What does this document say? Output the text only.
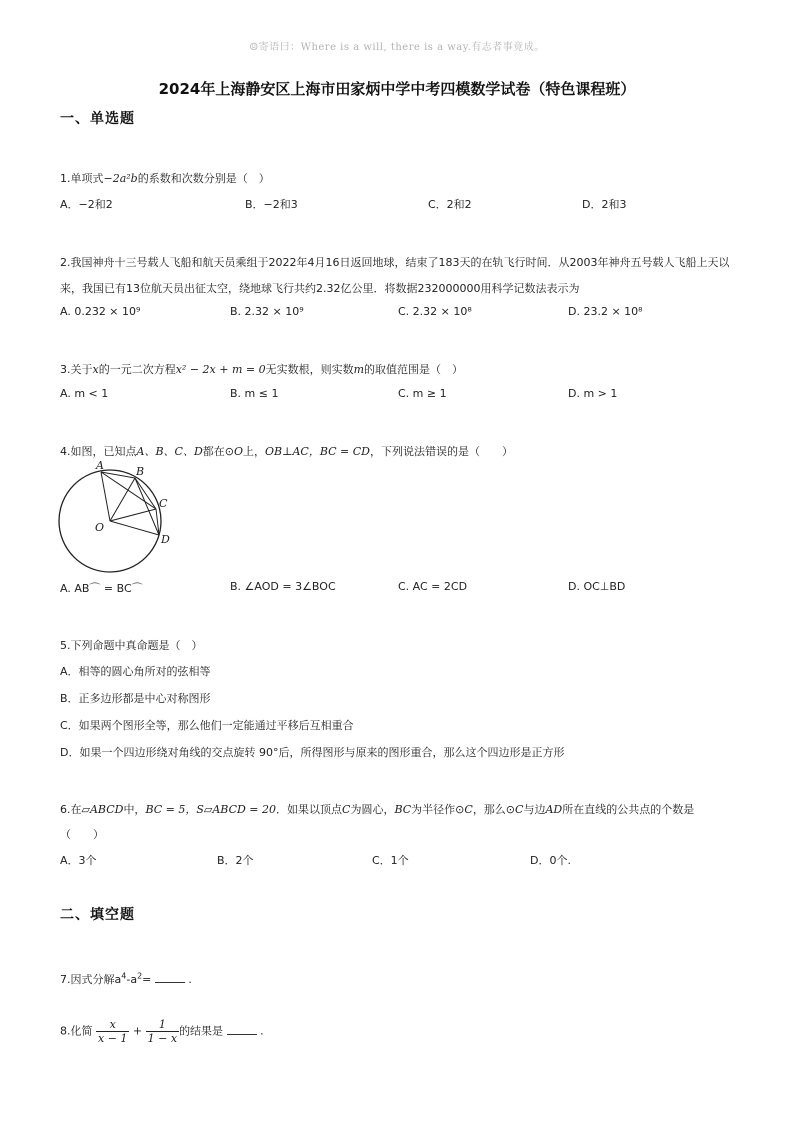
☺寄语曰：Where is a will, there is a way.有志者事竟成。
2024年上海静安区上海市田家炳中学中考四模数学试卷（特色课程班）
一、单选题
1.单项式−2a²b的系数和次数分别是（　）
A．−2和2	B．−2和3	C．2和2	D．2和3
2.我国神舟十三号载人飞船和航天员乘组于2022年4月16日返回地球，结束了183天的在轨飞行时间．从2003年神舟五号载人飞船上天以
来，我国已有13位航天员出征太空，绕地球飞行共约2.32亿公里．将数据232000000用科学记数法表示为
A. 0.232 × 10⁹	B. 2.32 × 10⁹	C. 2.32 × 10⁸	D. 23.2 × 10⁸
3.关于x的一元二次方程x² − 2x + m = 0无实数根，则实数m的取值范围是（　）
A. m < 1	B. m ≤ 1	C. m ≥ 1	D. m > 1
4.如图，已知点A、B、C、D都在⊙O上，OB⊥AC，BC = CD，下列说法错误的是（　　）
A	B
C
D
O
A. AB⌒ = BC⌒	B. ∠AOD = 3∠BOC	C. AC = 2CD	D. OC⊥BD
5.下列命题中真命题是（　）
A．相等的圆心角所对的弦相等
B．正多边形都是中心对称图形
C．如果两个图形全等，那么他们一定能通过平移后互相重合
D．如果一个四边形绕对角线的交点旋转 90°后，所得图形与原来的图形重合，那么这个四边形是正方形
6.在▱ABCD中，BC = 5，S▱ABCD = 20．如果以顶点C为圆心，BC为半径作⊙C，那么⊙C与边AD所在直线的公共点的个数是
（　　）
A．3个	B．2个	C．1个	D．0个.
二、填空题
7.因式分解$a^4-a^2=$	.
8.化简 $\frac{x}{x - 1} + \frac{1}{1 - x}$ 的结果是	.
